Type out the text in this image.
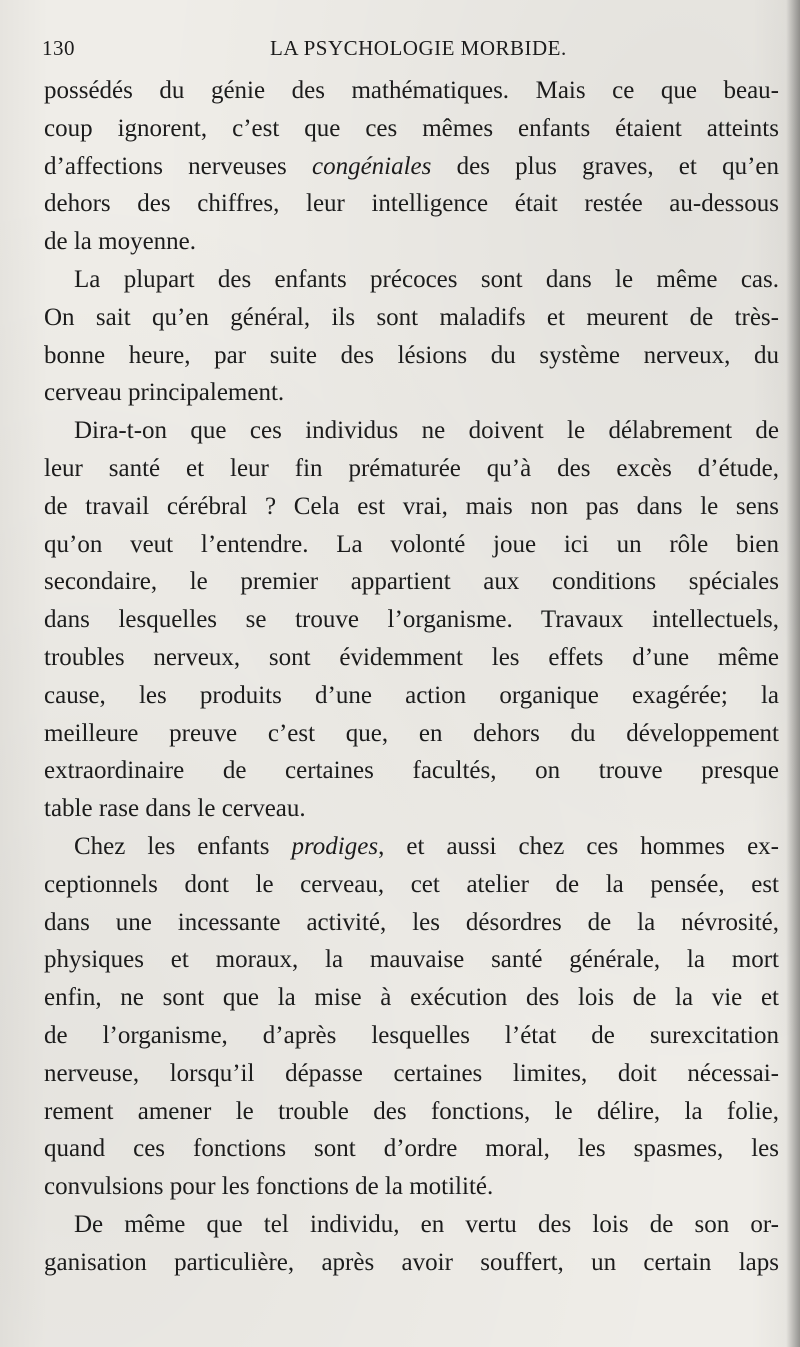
130	LA PSYCHOLOGIE MORBIDE.

possédés du génie des mathématiques. Mais ce que beau-

coup ignorent, c’est que ces mêmes enfants étaient atteints

d’affections nerveuses congéniales des plus graves, et qu’en

dehors des chiffres, leur intelligence était restée au-dessous

de la moyenne.

La plupart des enfants précoces sont dans le même cas.

On sait qu’en général, ils sont maladifs et meurent de très-

bonne heure, par suite des lésions du système nerveux, du

cerveau principalement.

Dira-t-on que ces individus ne doivent le délabrement de

leur santé et leur fin prématurée qu’à des excès d’étude,

de travail cérébral ? Cela est vrai, mais non pas dans le sens

qu’on veut l’entendre. La volonté joue ici un rôle bien

secondaire, le premier appartient aux conditions spéciales

dans lesquelles se trouve l’organisme. Travaux intellectuels,

troubles nerveux, sont évidemment les effets d’une même

cause, les produits d’une action organique exagérée; la

meilleure preuve c’est que, en dehors du développement

extraordinaire de certaines facultés, on trouve presque

table rase dans le cerveau.

Chez les enfants prodiges, et aussi chez ces hommes ex-

ceptionnels dont le cerveau, cet atelier de la pensée, est

dans une incessante activité, les désordres de la névrosité,

physiques et moraux, la mauvaise santé générale, la mort

enfin, ne sont que la mise à exécution des lois de la vie et

de l’organisme, d’après lesquelles l’état de surexcitation

nerveuse, lorsqu’il dépasse certaines limites, doit nécessai-

rement amener le trouble des fonctions, le délire, la folie,

quand ces fonctions sont d’ordre moral, les spasmes, les

convulsions pour les fonctions de la motilité.

De même que tel individu, en vertu des lois de son or-

ganisation particulière, après avoir souffert, un certain laps
